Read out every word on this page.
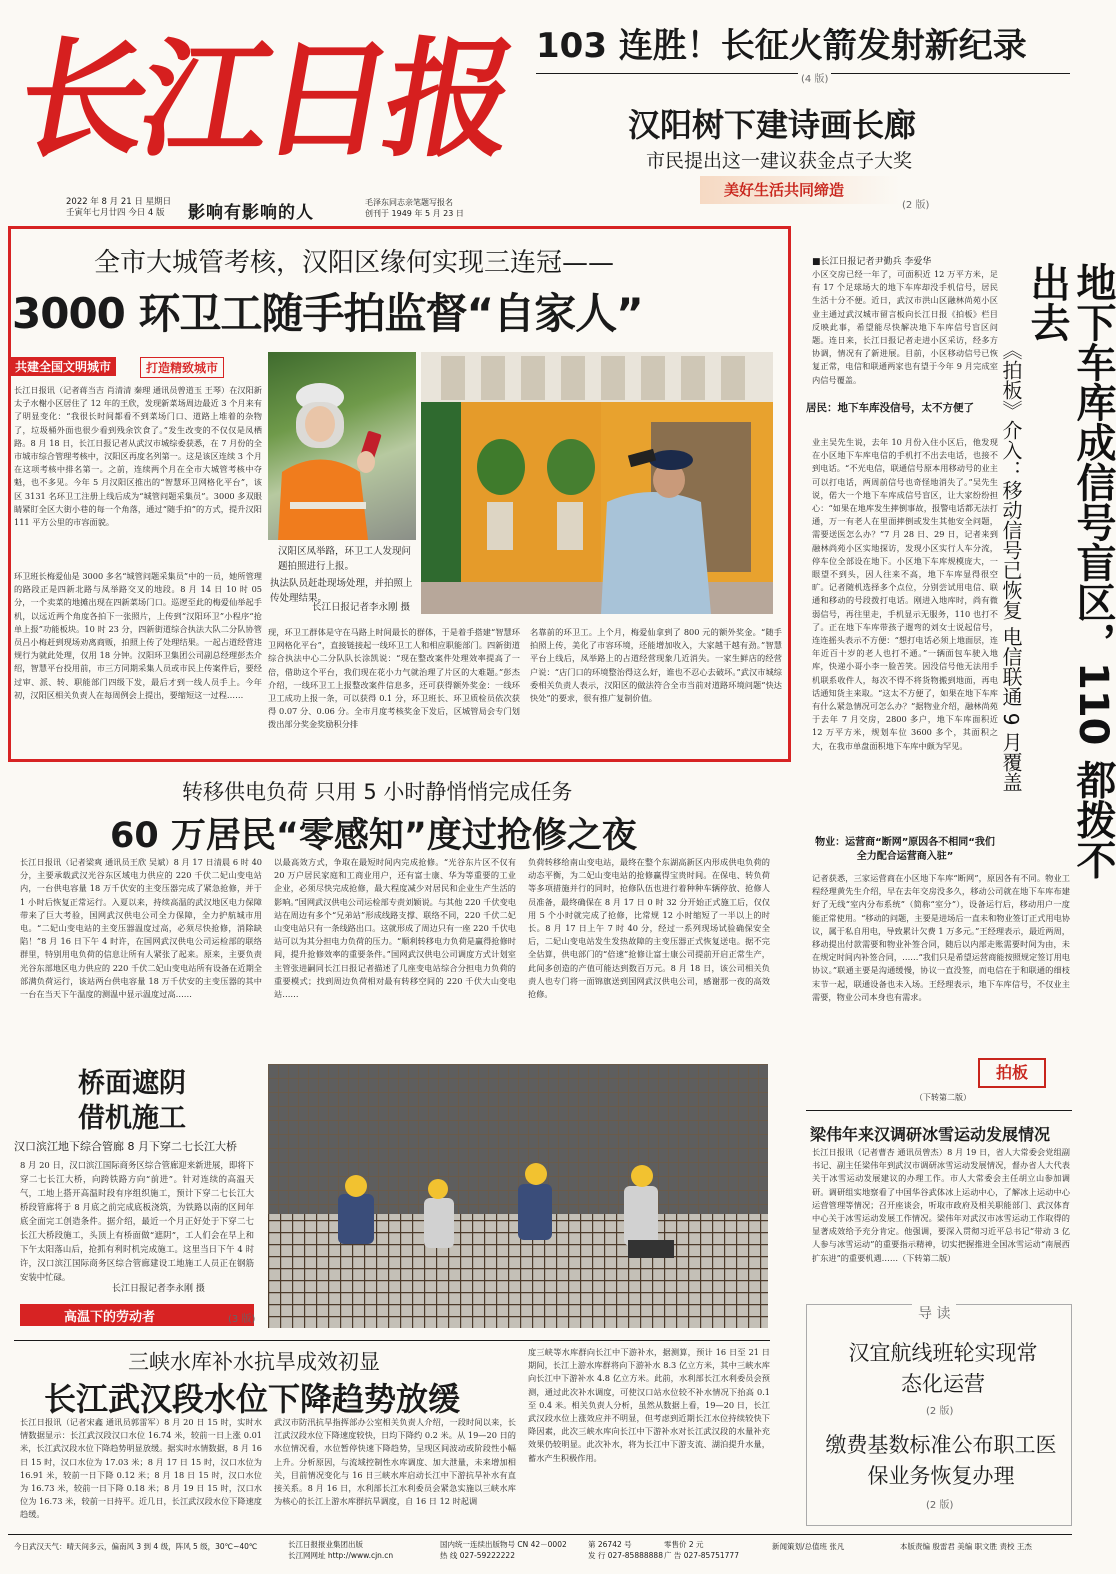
长江日报
2022 年 8 月 21 日 星期日
壬寅年七月廿四 今日 4 版	影响有影响的人
毛泽东同志亲笔题写报名
创刊于 1949 年 5 月 23 日
103 连胜！长征火箭发射新纪录
(4 版)
汉阳树下建诗画长廊
市民提出这一建议获金点子大奖
美好生活共同缔造
(2 版)
全市大城管考核，汉阳区缘何实现三连冠——
3000 环卫工随手拍监督“自家人”
共建全国文明城市	打造精致城市
长江日报讯（记者蒋当吉 肖清清 秦理 通讯员曾道玉 王琴）在汉阳新太子水榭小区居住了 12 年的王欣，发现新菜场周边最近 3 个月来有了明显变化：“我很长时间都看不到菜场门口、道路上堆着的杂物了，垃圾桶外面也很少看到残余饮食了。”发生改变的不仅仅是凤栖路。8 月 18 日，长江日报记者从武汉市城综委获悉，在 7 月份的全市城市综合管理考核中，汉阳区再度名列第一。这是该区连续 3 个月在这项考核中排名第一。之前，连续两个月在全市大城管考核中夺魁，也不多见。今年 5 月汉阳区推出的“智慧环卫网格化平台”，该区 3131 名环卫工注册上线后成为“城管问题采集员”。3000 多双眼睛紧盯全区大街小巷的每一个角落，通过“随手拍”的方式，提升汉阳 111 平方公里的市容面貌。
环卫班长梅爱仙是 3000 多名“城管问题采集员”中的一员，她所管理的路段正是四新北路与凤举路交叉的地段。8 月 14 日 10 时 05 分，一个卖菜的地摊出现在四新菜场门口。巡逻至此的梅爱仙举起手机，以远近两个角度各拍下一张照片，上传到“汉阳环卫”小程序“抢单上报”功能板块。10 时 23 分，四新街道综合执法大队二分队协管员吕小梅赶到现场劝离商贩，拍照上传了处理结果。一起占道经营违规行为就此处理，仅用 18 分钟。汉阳环卫集团公司副总经理彭杰介绍，智慧平台投用前，市三方同期采集人员或市民上传案件后，要经过审、派、转、职能部门四级下发，最后才到一线人员手上。今年初，汉阳区相关负责人在每周例会上提出，要缩短这一过程……
汉阳区凤举路，环卫工人发现问题拍照进行上报。
执法队员赶赴现场处理，并拍照上传处理结果。
长江日报记者李永刚 摄
现，环卫工群体是守在马路上时间最长的群体，于是着手搭建“智慧环卫网格化平台”，直接链接起一线环卫工人和相应职能部门。四新街道综合执法中心二分队队长涂凯说：“现在整改案件处理效率提高了一倍，借助这个平台，我们现在花小力气就治理了片区的大难题。”彭杰介绍，一线环卫工上报整改案件信息多，还可获得额外奖金：一线环卫工成功上报一条，可以获得 0.1 分，环卫班长、环卫质检员依次获得 0.07 分、0.06 分。全市月度考核奖金下发后，区城管局会专门划拨出部分奖金奖励积分排
名靠前的环卫工。上个月，梅爱仙拿到了 800 元的额外奖金。“随手拍照上传，美化了市容环境，还能增加收入，大家越干越有劲。”智慧平台上线后，凤举路上的占道经营现象几近消失。一家生鲜店的经营户说：“店门口的环境整治得这么好，谁也不忍心去破坏。”武汉市城综委相关负责人表示，汉阳区的做法符合全市当前对道路环境问题“快达快处”的要求，很有推广复制价值。
■长江日报记者尹勤兵 李爱华
小区交房已经一年了，可面积近 12 万平方米，足有 17 个足球场大的地下车库却没手机信号，居民生活十分不便。近日，武汉市洪山区融林尚苑小区业主通过武汉城市留言板向长江日报《拍板》栏目反映此事，希望能尽快解决地下车库信号盲区问题。连日来，长江日报记者走进小区采访，经多方协调，情况有了新进展。目前，小区移动信号已恢复正常，电信和联通两家也有望于今年 9 月完成室内信号覆盖。
居民：地下车库没信号，太不方便了
业主吴先生说，去年 10 月份入住小区后，他发现在小区地下车库电信的手机打不出去电话，也接不到电话。“不光电信，联通信号原本用移动号的业主可以打电话，两周前信号也奇怪地消失了。”吴先生说，偌大一个地下车库成信号盲区，让大家纷纷担心：“如果在地库发生摔倒事故，报警电话都无法打通，万一有老人在里面摔倒或发生其他安全问题，需要送医怎么办？”7 月 28 日、29 日，记者来到融林尚苑小区实地探访，发现小区实行人车分流，停车位全部设在地下。小区地下车库规模庞大，一眼望不到头，因人往来不高，地下车库显得很空旷。记者随机选择多个点位，分别尝试用电信、联通和移动的号段拨打电话。刚进入地库时，尚有微弱信号，再往里走，手机显示无服务，110 也打不了。正在地下车库带孩子遛弯的刘女士说起信号，连连摇头表示不方便：“想打电话必须上地面层，连年近百十岁的老人也打不通。”一辆面包车驶入地库，快递小哥小李一脸苦笑。因没信号他无法用手机联系收件人，每次不得不将货物搬到地面，再电话通知货主来取。“这太不方便了，如果在地下车库有什么紧急情况可怎么办？”据物业介绍，融林尚苑于去年 7 月交房，2800 多户，地下车库面积近 12 万平方米，规划车位 3600 多个，其面积之大，在我市单盘面积地下车库中颇为罕见。	地下车库成信号盲区，110 都拨不出去
《拍板》介入：移动信号已恢复 电信联通 9 月覆盖
物业：运营商“断网”原因各不相同“我们全力配合运营商入驻”
记者获悉，三家运营商在小区地下车库“断网”，原因各有不同。物业工程经理黄先生介绍，早在去年交房没多久，移动公司就在地下车库布建好了无线“室内分布系统”（简称“室分”），设备运行后，移动用户一度能正常使用。“移动的问题，主要是进场后一直未和物业签订正式用电协议，属于私自用电，导致累计欠费 1 万多元。”王经理表示，最近两周，移动提出付款需要和物业补签合同，随后以内部走账需要时间为由，未在规定时间内补签合同，……“我们只是希望运营商能按照规定签订用电协议。”联通主要是沟通缓慢，协议一直没签，而电信在于和联通的细枝末节一起，联通设备也未入场。王经理表示，地下车库信号，不仅业主需要，物业公司本身也有需求。
拍板
（下转第二版）
梁伟年来汉调研冰雪运动发展情况
长江日报讯（记者曹杏 通讯员曾杰）8 月 19 日，省人大常委会党组副书记、副主任梁伟年到武汉市调研冰雪运动发展情况，督办省人大代表关于冰雪运动发展建议的办理工作。市人大常委会主任胡立山参加调研。调研组实地察看了中国华谷武体冰上运动中心，了解冰上运动中心运营管理等情况；召开座谈会，听取市政府及相关职能部门、武汉体育中心关于冰雪运动发展工作情况。梁伟年对武汉市冰雪运动工作取得的显著成效给予充分肯定。他强调，要深入贯彻习近平总书记“带动 3 亿人参与冰雪运动”的重要指示精神，切实把握推进全国冰雪运动“南展西扩东进”的重要机遇……（下转第二版）
导 读
汉宜航线班轮实现常态化运营
(2 版)
缴费基数标准公布职工医保业务恢复办理
(2 版)
转移供电负荷 只用 5 小时静悄悄完成任务
60 万居民“零感知”度过抢修之夜
长江日报讯（记者梁爽 通讯员王欣 吴斌）8 月 17 日清晨 6 时 40 分，主要承载武汉光谷东区域电力供应的 220 千伏二妃山变电站内，一台供电容量 18 万千伏安的主变压器完成了紧急抢修，并于 1 小时后恢复正常运行。入夏以来，持续高温的武汉地区电力保障带来了巨大考验，国网武汉供电公司全力保障，全力护航城市用电。“二妃山变电站的主变压器温度过高，必须尽快抢修，消除缺陷！”8 月 16 日下午 4 时许，在国网武汉供电公司运检部的联络群里，特别用电负荷的信息让所有人紧张了起来。原来，主要负责光谷东部地区电力供应的 220 千伏二妃山变电站所有设备在近期全部满负荷运行，该站两台供电容量 18 万千伏安的主变压器的其中一台在当天下午温度的测温中显示温度过高……
以最高效方式，争取在最短时间内完成抢修。“光谷东片区不仅有 20 万户居民家庭和工商业用户，还有富士康、华为等重要的工业企业，必须尽快完成抢修，最大程度减少对居民和企业生产生活的影响。”国网武汉供电公司运检部专责刘颖说。与其他 220 千伏变电站在周边有多个“兄弟站”形成线路支撑、联络不同，220 千伏二妃山变电站只有一条线路出口。这就形成了周边只有一座 220 千伏电站可以为其分担电力负荷的压力。“顺利转移电力负荷是赢得抢修时间，提升抢修效率的重要条件。”国网武汉供电公司调度方式计划室主管张进嗣同长江日报记者描述了几座变电站综合分担电力负荷的重要模式；找到周边负荷相对最有转移空间的 220 千伏大山变电站……
负荷转移给南山变电站，最终在整个东湖高新区内形成供电负荷的动态平衡，为二妃山变电站的抢修赢得宝贵时间。在保电、转负荷等多项措施并行的同时，抢修队伍也进行着种种车辆停放、抢修人员准备，最终确保在 8 月 17 日 0 时 32 分开始正式施工后，仅仅用 5 个小时就完成了抢修，比常规 12 小时缩短了一半以上的时长。8 月 17 日上午 7 时 40 分，经过一系列现场试验确保安全后，二妃山变电站发生发热故障的主变压器正式恢复送电。据不完全估算，供电部门的“倍速”抢修让富士康公司提前开启正常生产，此间多创造的产值可能达到数百万元。8 月 18 日，该公司相关负责人也专门将一面锦旗送到国网武汉供电公司，感谢那一夜的高效抢修。
桥面遮阴
借机施工
汉口滨江地下综合管廊 8 月下穿二七长江大桥
8 月 20 日，汉口滨江国际商务区综合管廊迎来新进展，即将下穿二七长江大桥，向跨铁路方向“前进”。针对连续的高温天气，工地上搭开高温时段有序组织施工，预计下穿二七长江大桥段管廊将于 8 月底之前完成底板浇筑，为铁路以南的区间年底全面完工创造条件。据介绍，最近一个月正好处于下穿二七长江大桥段施工，头顶上有桥面做“遮阴”，工人们会在早上和下午太阳落山后，抢抓有利时机完成施工。这里当日下午 4 时许，汉口滨江国际商务区综合管廊建设工地施工人员正在钢筋安装中忙碌。
高温下的劳动者	(3 版)
长江日报记者李永刚 摄
三峡水库补水抗旱成效初显
长江武汉段水位下降趋势放缓
长江日报讯（记者宋鑫 通讯员郭雷军）8 月 20 日 15 时，实时水情数据显示：长江武汉段汉口水位 16.74 米，较前一日上涨 0.01 米，长江武汉段水位下降趋势明显放缓。据实时水情数据，8 月 16 日 15 时，汉口水位为 17.03 米；8 月 17 日 15 时，汉口水位为 16.91 米，较前一日下降 0.12 米；8 月 18 日 15 时，汉口水位为 16.73 米，较前一日下降 0.18 米；8 月 19 日 15 时，汉口水位为 16.73 米，较前一日持平。近几日，长江武汉段水位下降速度趋缓。
武汉市防汛抗旱指挥部办公室相关负责人介绍，一段时间以来，长江武汉段水位下降速度较快，日均下降约 0.2 米。从 19—20 日的水位情况看，水位暂停快速下降趋势，呈现区间波动或阶段性小幅上升。分析原因，与流域控制性水库调度、加大泄量，未来增加相关，目前情况变化与 16 日三峡水库启动长江中下游抗旱补水有直接关系。8 月 16 日，水利部长江水利委员会紧急实施以三峡水库为核心的长江上游水库群抗旱调度，自 16 日 12 时起调
度三峡等水库群向长江中下游补水，据测算，预计 16 日至 21 日期间，长江上游水库群将向下游补水 8.3 亿立方米，其中三峡水库向长江中下游补水 4.8 亿立方米。此前，水利部长江水利委员会预测，通过此次补水调度，可使汉口站水位较不补水情况下抬高 0.1 至 0.4 米。相关负责人分析，虽然从数据上看，19—20 日，长江武汉段水位上涨效应并不明显，但考虑到近期长江水位持续较快下降因素，此次三峡水库向长江中下游补水对长江武汉段的水量补充效果仍较明显。此次补水，将为长江中下游支流、湖泊提升水量，蓄水产生积极作用。
今日武汉天气：晴天间多云，偏南风 3 到 4 级，阵风 5 级，30℃~40℃	长江日报报业集团出版
长江网网址 http://www.cjn.cn
国内统一连续出版物号 CN 42－0002
热 线 027-59222222
第 26742 号
发 行 027-85888888
零售价 2 元
广 告 027-85751777
新闻策划/总值班 张凡	本版责编 殷雷君 美编 职文胜 责校 王杰
